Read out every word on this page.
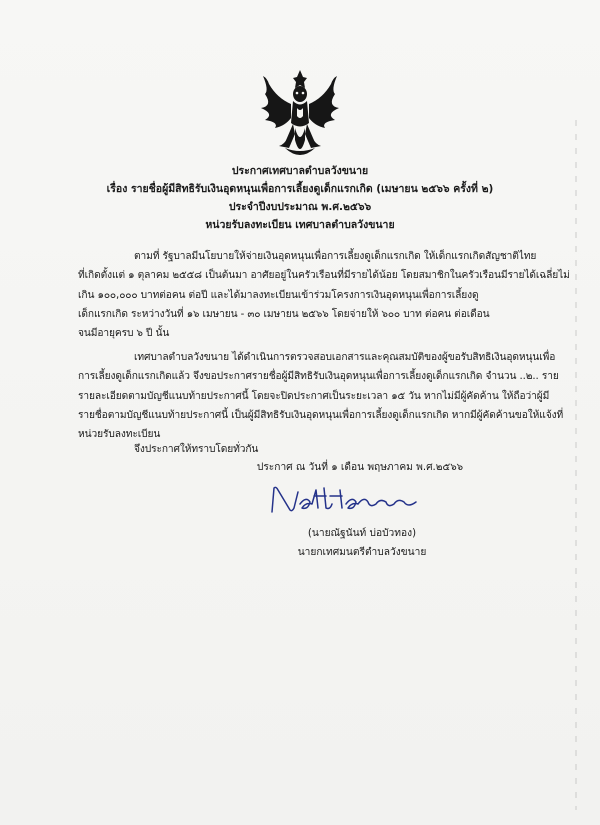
ประกาศเทศบาลตำบลวังขนาย
เรื่อง รายชื่อผู้มีสิทธิรับเงินอุดหนุนเพื่อการเลี้ยงดูเด็กแรกเกิด (เมษายน ๒๕๖๖ ครั้งที่ ๒)
ประจำปีงบประมาณ พ.ศ.๒๕๖๖
หน่วยรับลงทะเบียน เทศบาลตำบลวังขนาย
ตามที่ รัฐบาลมีนโยบายให้จ่ายเงินอุดหนุนเพื่อการเลี้ยงดูเด็กแรกเกิด ให้เด็กแรกเกิดสัญชาติไทย
ที่เกิดตั้งแต่ ๑ ตุลาคม ๒๕๕๘ เป็นต้นมา อาศัยอยู่ในครัวเรือนที่มีรายได้น้อย โดยสมาชิกในครัวเรือนมีรายได้เฉลี่ยไม่
เกิน ๑๐๐,๐๐๐ บาทต่อคน ต่อปี และได้มาลงทะเบียนเข้าร่วมโครงการเงินอุดหนุนเพื่อการเลี้ยงดู
เด็กแรกเกิด ระหว่างวันที่ ๑๖ เมษายน - ๓๐ เมษายน ๒๕๖๖ โดยจ่ายให้ ๖๐๐ บาท ต่อคน ต่อเดือน
จนมีอายุครบ ๖ ปี นั้น
เทศบาลตำบลวังขนาย ได้ดำเนินการตรวจสอบเอกสารและคุณสมบัติของผู้ขอรับสิทธิเงินอุดหนุนเพื่อ
การเลี้ยงดูเด็กแรกเกิดแล้ว จึงขอประกาศรายชื่อผู้มีสิทธิรับเงินอุดหนุนเพื่อการเลี้ยงดูเด็กแรกเกิด จำนวน ..๒.. ราย
รายละเอียดตามบัญชีแนบท้ายประกาศนี้ โดยจะปิดประกาศเป็นระยะเวลา ๑๕ วัน หากไม่มีผู้คัดค้าน ให้ถือว่าผู้มี
รายชื่อตามบัญชีแนบท้ายประกาศนี้ เป็นผู้มีสิทธิรับเงินอุดหนุนเพื่อการเลี้ยงดูเด็กแรกเกิด หากมีผู้คัดค้านขอให้แจ้งที่
หน่วยรับลงทะเบียน
จึงประกาศให้ทราบโดยทั่วกัน
ประกาศ ณ วันที่ ๑ เดือน พฤษภาคม พ.ศ.๒๕๖๖
(นายณัฐนันท์ บ่อบัวทอง)
นายกเทศมนตรีตำบลวังขนาย
